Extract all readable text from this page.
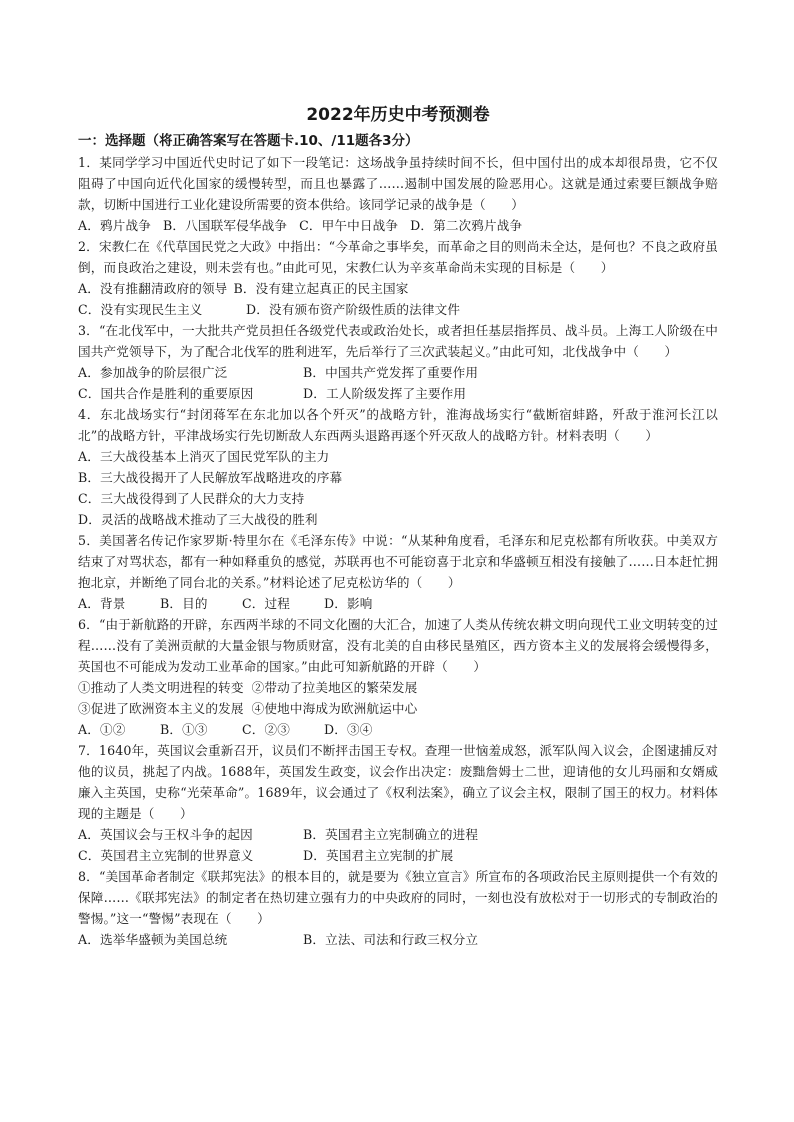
2022年历史中考预测卷
一：选择题（将正确答案写在答题卡.10、/11题各3分）

1．某同学学习中国近代史时记了如下一段笔记：这场战争虽持续时间不长，但中国付出的成本却很昂贵，它不仅阻碍了中国向近代化国家的缓慢转型，而且也暴露了……遏制中国发展的险恶用心。这就是通过索要巨额战争赔款，切断中国进行工业化建设所需要的资本供给。该同学记录的战争是（　　）

A．鸦片战争 B．八国联军侵华战争 C．甲午中日战争 D．第二次鸦片战争

2．宋教仁在《代草国民党之大政》中指出：“今革命之事毕矣，而革命之目的则尚未全达，是何也？不良之政府虽倒，而良政治之建设，则未尝有也。”由此可见，宋教仁认为辛亥革命尚未实现的目标是（　　）

A．没有推翻清政府的领导 B．没有建立起真正的民主国家
C．没有实现民生主义	D．没有颁布资产阶级性质的法律文件

3．“在北伐军中，一大批共产党员担任各级党代表或政治处长，或者担任基层指挥员、战斗员。上海工人阶级在中国共产党领导下，为了配合北伐军的胜利进军，先后举行了三次武装起义。”由此可知，北伐战争中（　　）

A．参加战争的阶层很广泛	B．中国共产党发挥了重要作用
C．国共合作是胜利的重要原因	D．工人阶级发挥了主要作用

4．东北战场实行“封闭蒋军在东北加以各个歼灭”的战略方针，淮海战场实行“截断宿蚌路，歼敌于淮河长江以北”的战略方针，平津战场实行先切断敌人东西两头退路再逐个歼灭敌人的战略方针。材料表明（　　）

A．三大战役基本上消灭了国民党军队的主力
B．三大战役揭开了人民解放军战略进攻的序幕
C．三大战役得到了人民群众的大力支持
D．灵活的战略战术推动了三大战役的胜利

5．美国著名传记作家罗斯·特里尔在《毛泽东传》中说：“从某种角度看，毛泽东和尼克松都有所收获。中美双方结束了对骂状态，都有一种如释重负的感觉，苏联再也不可能窃喜于北京和华盛顿互相没有接触了……日本赶忙拥抱北京，并断绝了同台北的关系。”材料论述了尼克松访华的（　　）

A．背景	B．目的	C．过程	D．影响

6．“由于新航路的开辟，东西两半球的不同文化圈的大汇合，加速了人类从传统农耕文明向现代工业文明转变的过程……没有了美洲贡献的大量金银与物质财富，没有北美的自由移民垦殖区，西方资本主义的发展将会缓慢得多，英国也不可能成为发动工业革命的国家。”由此可知新航路的开辟（　　）

①推动了人类文明进程的转变 ②带动了拉美地区的繁荣发展
③促进了欧洲资本主义的发展 ④使地中海成为欧洲航运中心
A．①②	B．①③	C．②③	D．③④

7．1640年，英国议会重新召开，议员们不断抨击国王专权。查理一世恼羞成怒，派军队闯入议会，企图逮捕反对他的议员，挑起了内战。1688年，英国发生政变，议会作出决定：废黜詹姆士二世，迎请他的女儿玛丽和女婿威廉入主英国，史称“光荣革命”。1689年，议会通过了《权利法案》，确立了议会主权，限制了国王的权力。材料体现的主题是（　　）

A．英国议会与王权斗争的起因	B．英国君主立宪制确立的进程
C．英国君主立宪制的世界意义	D．英国君主立宪制的扩展

8．“美国革命者制定《联邦宪法》的根本目的，就是要为《独立宣言》所宣布的各项政治民主原则提供一个有效的保障……《联邦宪法》的制定者在热切建立强有力的中央政府的同时，一刻也没有放松对于一切形式的专制政治的警惕。”这一“警惕”表现在（　　）

A．选举华盛顿为美国总统	B．立法、司法和行政三权分立
